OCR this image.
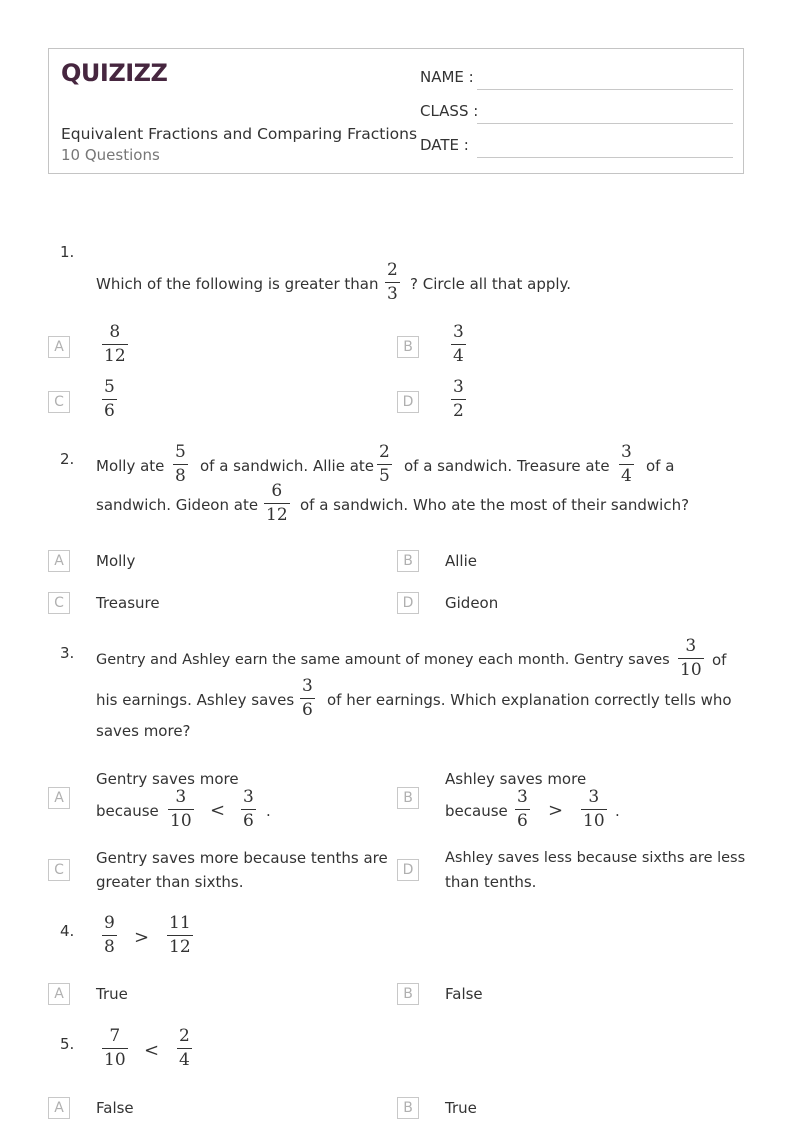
QUIZIZZ
Equivalent Fractions and Comparing Fractions
10 Questions
NAME :
CLASS :
DATE :
1.
Which of the following is greater than
2
3 ? Circle all that apply.
A
8
12	B
3
4
C
5
6	D
3
2
2. Molly ate
5
8 of a sandwich. Allie ate
2
5 of a sandwich. Treasure ate
3
4 of a
sandwich. Gideon ate
6
12 of a sandwich. Who ate the most of their sandwich?
A	Molly	B	Allie
C	Treasure	D	Gideon
3. Gentry and Ashley earn the same amount of money each month. Gentry saves
3
10 of
his earnings. Ashley saves
3
6 of her earnings. Which explanation correctly tells who
saves more?
A
Gentry saves more
because
3
10 <
3
6 .
B
Ashley saves more
because
3
6 >
3
10 .
C
Gentry saves more because tenths are
greater than sixths.
D
Ashley saves less because sixths are less
than tenths.
4. 9
8 >
11
12
A	True	B	False
5. 7
10 <
2
4
A	False	B	True
